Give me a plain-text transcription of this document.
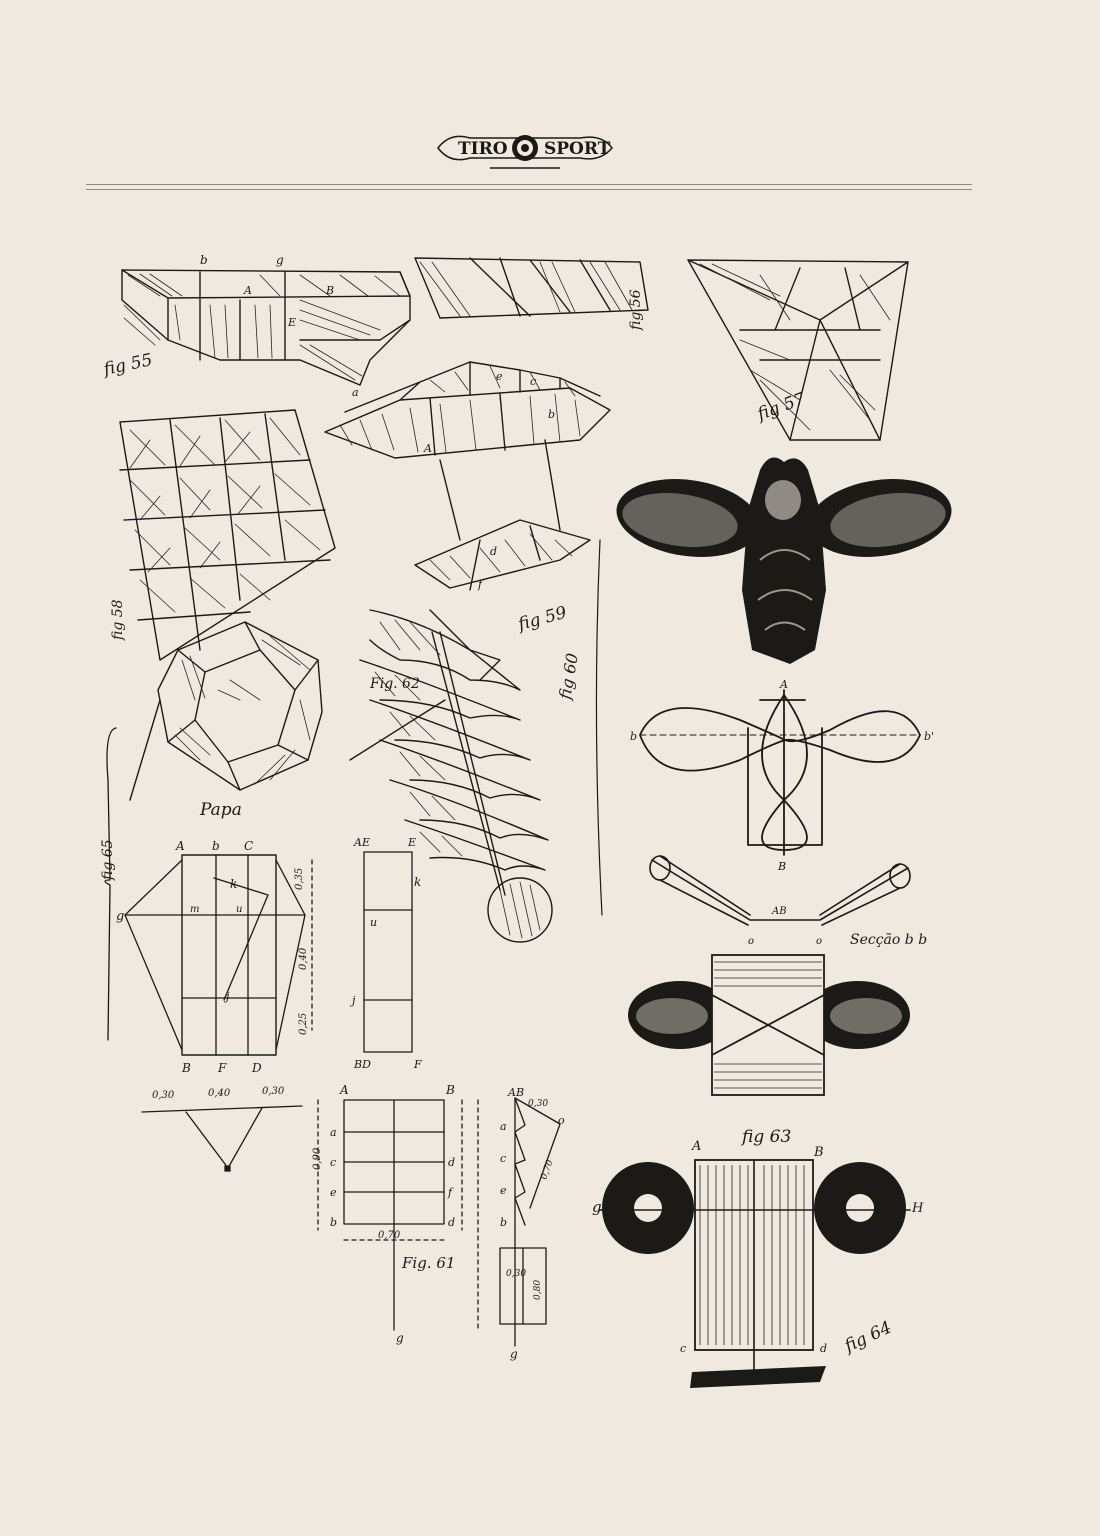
TIRO SPORT
b	g
A	B
E
fig 55
fig 56
fig 57
fig 58
a
e c
b
A
d
f
fig 59
A
b	b'
B
AB
o	o Secção b b
A	B
g	H
c	d
fig 63
fig 64
Papa
Fig. 62	fig 60
A b C
k
g	m	u
j
B F D
fig 65	0,35
0,40
0,25
AE	E
k
u
j
BD	F
0,30	0,40	0,30	A	B
a
c
e
b
d
f
d
0,70
0,90
Fig. 61
g
AB
o
a
c
e
b
0,30
0,70
0,30
0,80
g
